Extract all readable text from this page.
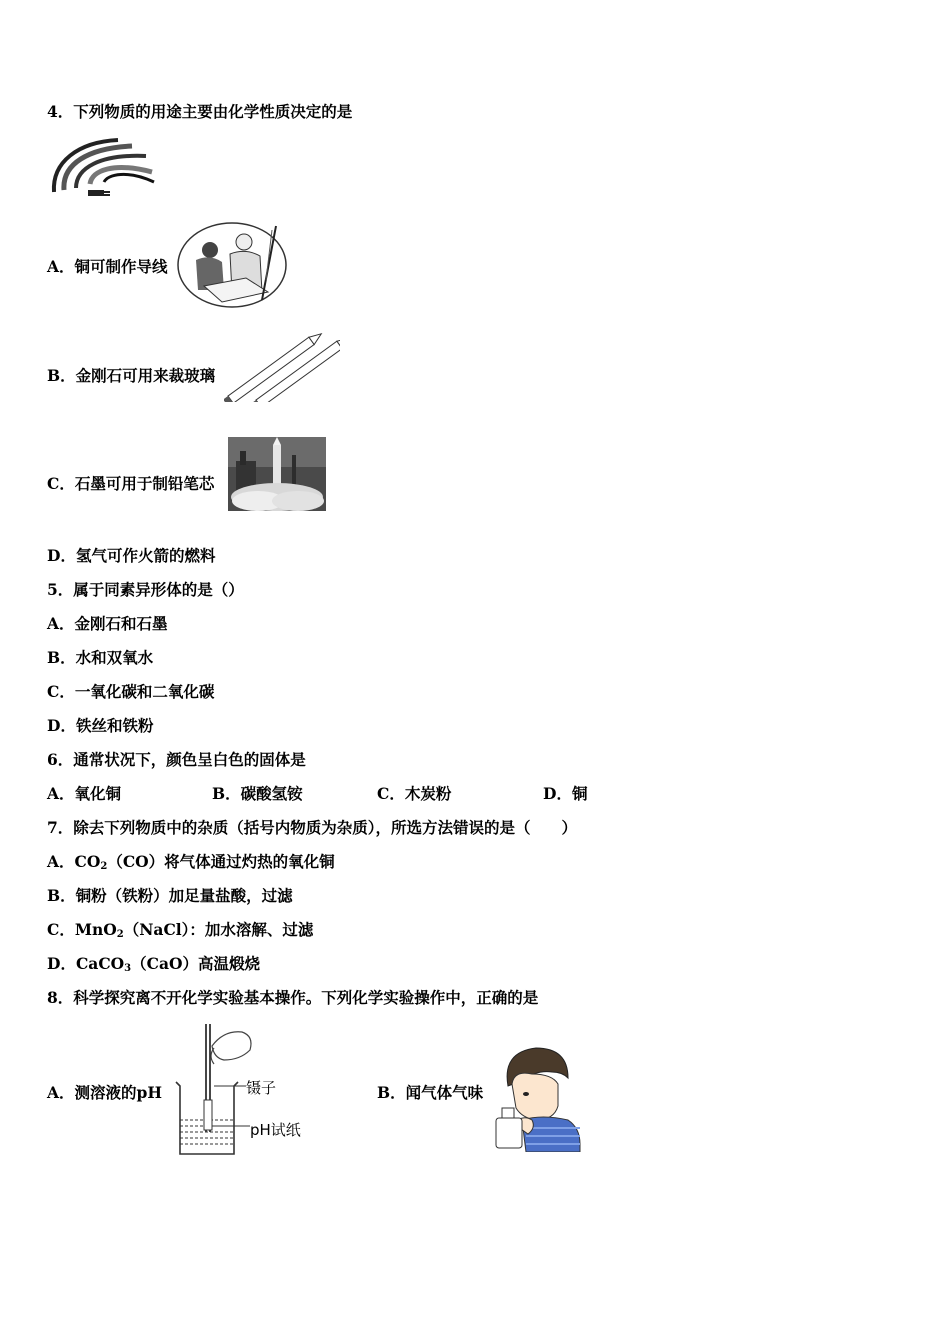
4．下列物质的用途主要由化学性质决定的是
A．铜可制作导线
B．金刚石可用来裁玻璃
C．石墨可用于制铅笔芯
D．氢气可作火箭的燃料
5．属于同素异形体的是（）
A．金刚石和石墨
B．水和双氧水
C．一氧化碳和二氧化碳
D．铁丝和铁粉
6．通常状况下，颜色呈白色的固体是
A．氧化铜	B．碳酸氢铵	C．木炭粉	D．铜
7．除去下列物质中的杂质（括号内物质为杂质），所选方法错误的是（　　）
A．$CO_2(CO)$将气体通过灼热的氧化铜
B．铜粉（铁粉）加足量盐酸，过滤
C．MnO$_2$（NaCl）：加水溶解、过滤
D．CaCO$_3$（CaO）高温煅烧
8．科学探究离不开化学实验基本操作。下列化学实验操作中，正确的是
A．测溶液的pH	镊子
pH试纸
B．闻气体气味
